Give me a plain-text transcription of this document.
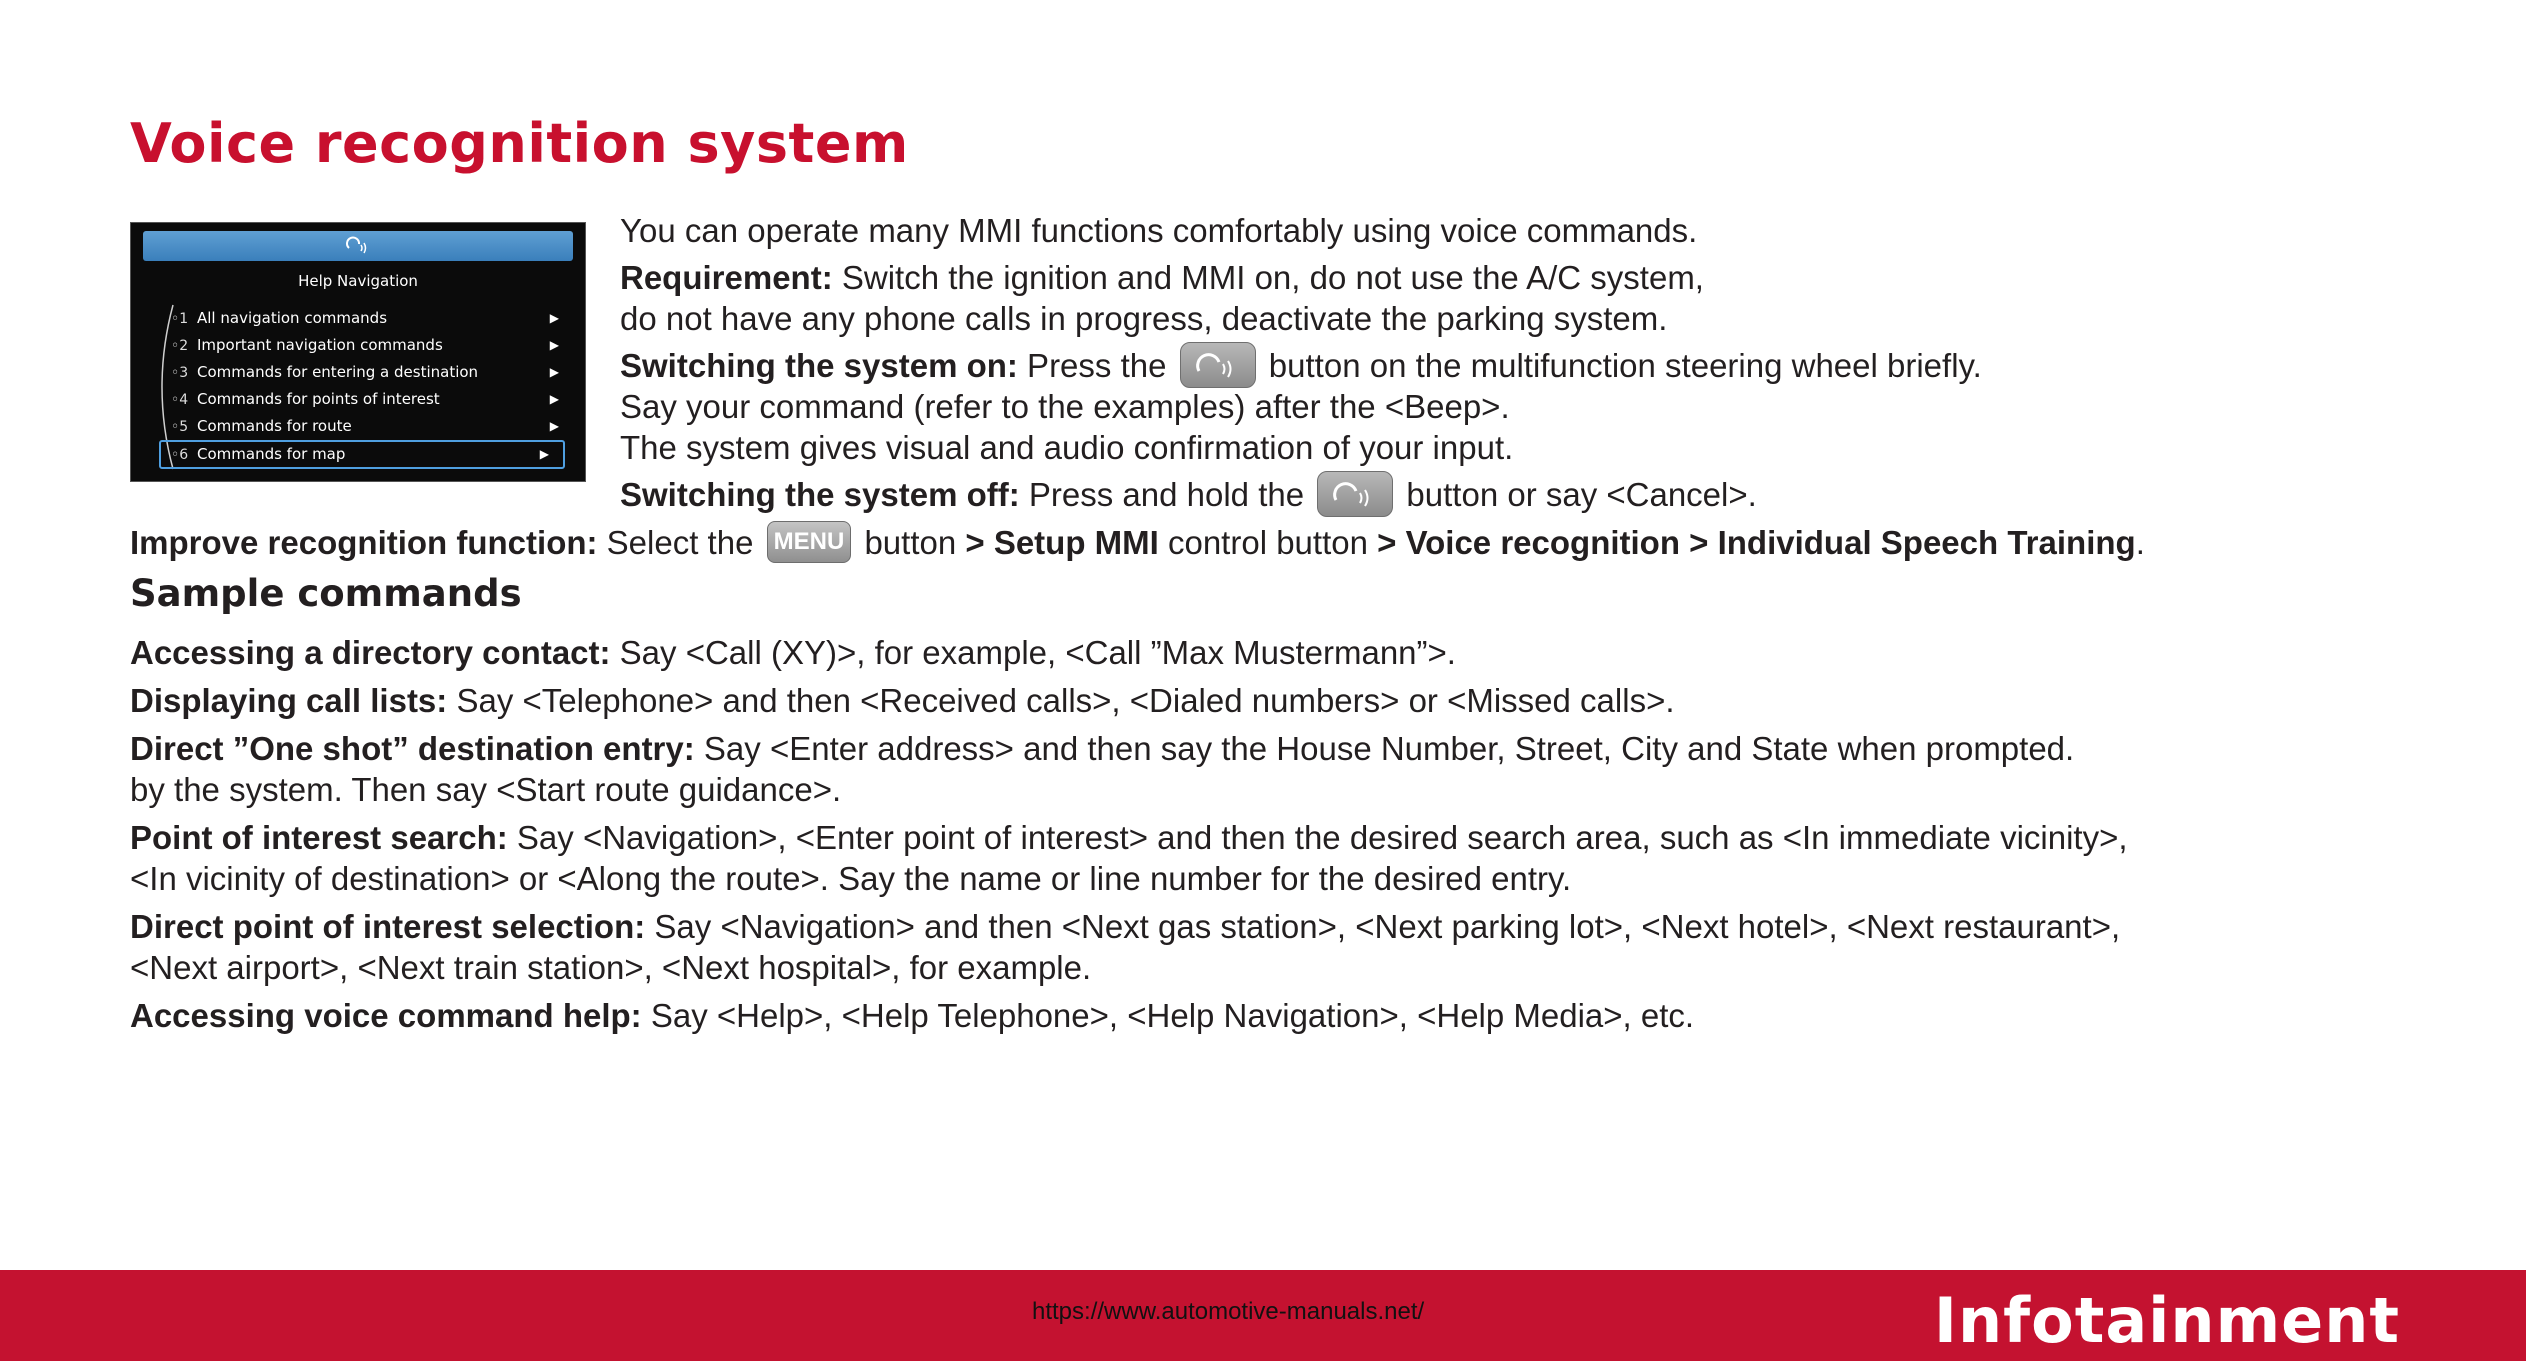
Voice recognition system
Help Navigation
◦1 All navigation commands	▶
◦2 Important navigation commands	▶
◦3 Commands for entering a destination	▶
◦4 Commands for points of interest	▶
◦5 Commands for route	▶
◦6 Commands for map	▶

You can operate many MMI functions comfortably using voice commands.

Requirement: Switch the ignition and MMI on, do not use the A/C system,

do not have any phone calls in progress, deactivate the parking system.

Switching the system on: Press the	button on the multifunction steering wheel briefly.

Say your command (refer to the examples) after the <Beep>.

The system gives visual and audio confirmation of your input.

Switching the system off: Press and hold the	button or say <Cancel>.

Improve recognition function: Select the MENU button > Setup MMI control button > Voice recognition > Individual Speech Training.

Sample commands

Accessing a directory contact: Say <Call (XY)>, for example, <Call ”Max Mustermann”>.

Displaying call lists: Say <Telephone> and then <Received calls>, <Dialed numbers> or <Missed calls>.

Direct ”One shot” destination entry: Say <Enter address> and then say the House Number, Street, City and State when prompted.

by the system. Then say <Start route guidance>.

Point of interest search: Say <Navigation>, <Enter point of interest> and then the desired search area, such as <In immediate vicinity>,

<In vicinity of destination> or <Along the route>. Say the name or line number for the desired entry.

Direct point of interest selection: Say <Navigation> and then <Next gas station>, <Next parking lot>, <Next hotel>, <Next restaurant>,

<Next airport>, <Next train station>, <Next hospital>, for example.

Accessing voice command help: Say <Help>, <Help Telephone>, <Help Navigation>, <Help Media>, etc.

https://www.automotive-manuals.net/	Infotainment
